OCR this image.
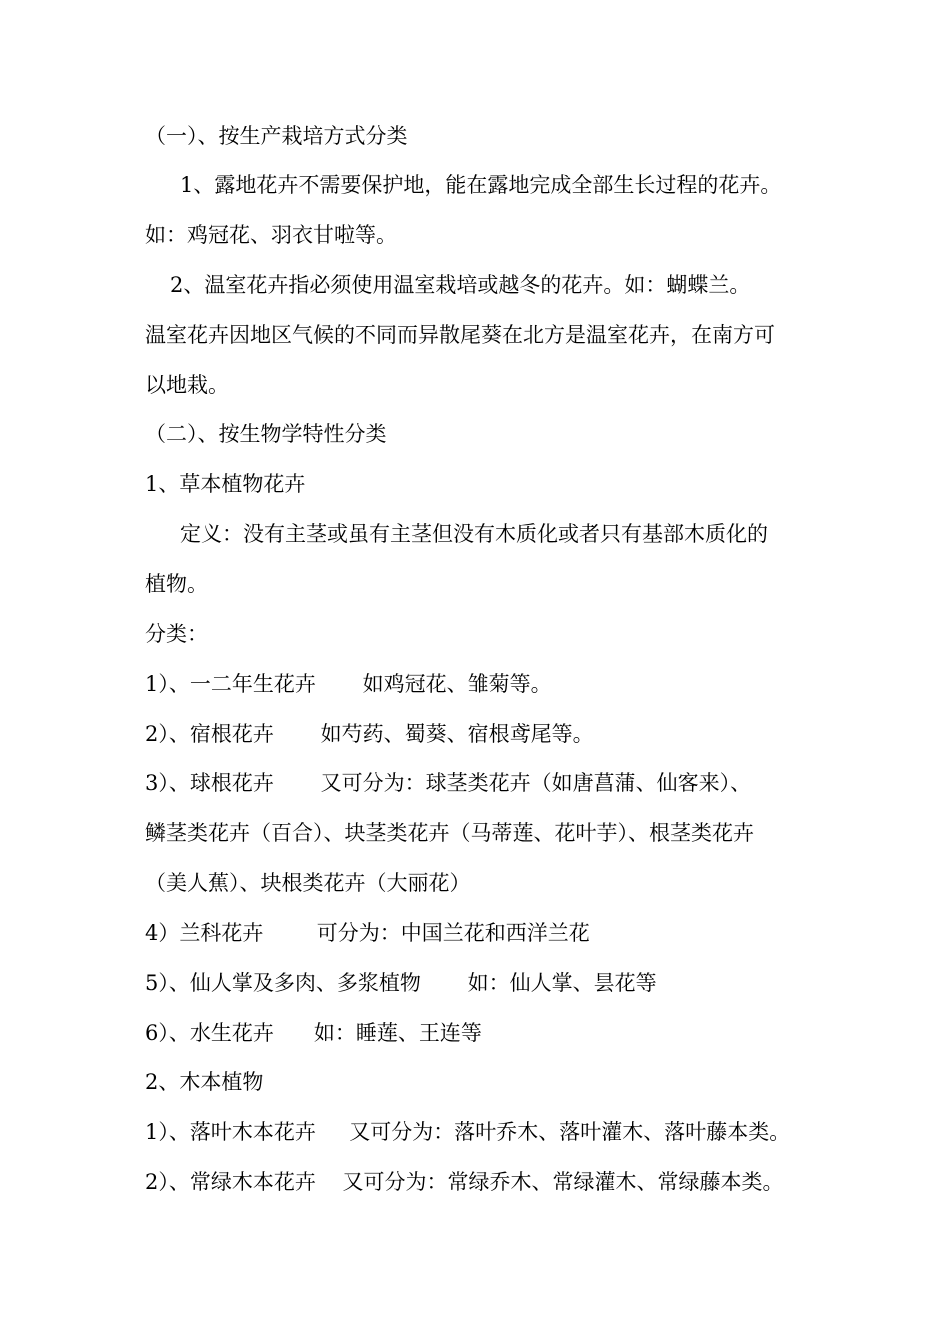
（一）、按生产栽培方式分类
1、露地花卉不需要保护地，能在露地完成全部生长过程的花卉。
如：鸡冠花、羽衣甘啦等。
2、温室花卉指必须使用温室栽培或越冬的花卉。如：蝴蝶兰。
温室花卉因地区气候的不同而异散尾葵在北方是温室花卉，在南方可
以地栽。
（二）、按生物学特性分类
1、草本植物花卉
定义：没有主茎或虽有主茎但没有木质化或者只有基部木质化的
植物。
分类：
1）、一二年生花卉       如鸡冠花、雏菊等。
2）、宿根花卉       如芍药、蜀葵、宿根鸢尾等。
3）、球根花卉       又可分为：球茎类花卉（如唐菖蒲、仙客来）、
鳞茎类花卉（百合）、块茎类花卉（马蒂莲、花叶芋）、根茎类花卉
（美人蕉）、块根类花卉（大丽花）
4）兰科花卉        可分为：中国兰花和西洋兰花
5）、仙人掌及多肉、多浆植物       如：仙人掌、昙花等
6）、水生花卉      如：睡莲、王连等
2、木本植物
1）、落叶木本花卉     又可分为：落叶乔木、落叶灌木、落叶藤本类。
2）、常绿木本花卉    又可分为：常绿乔木、常绿灌木、常绿藤本类。
